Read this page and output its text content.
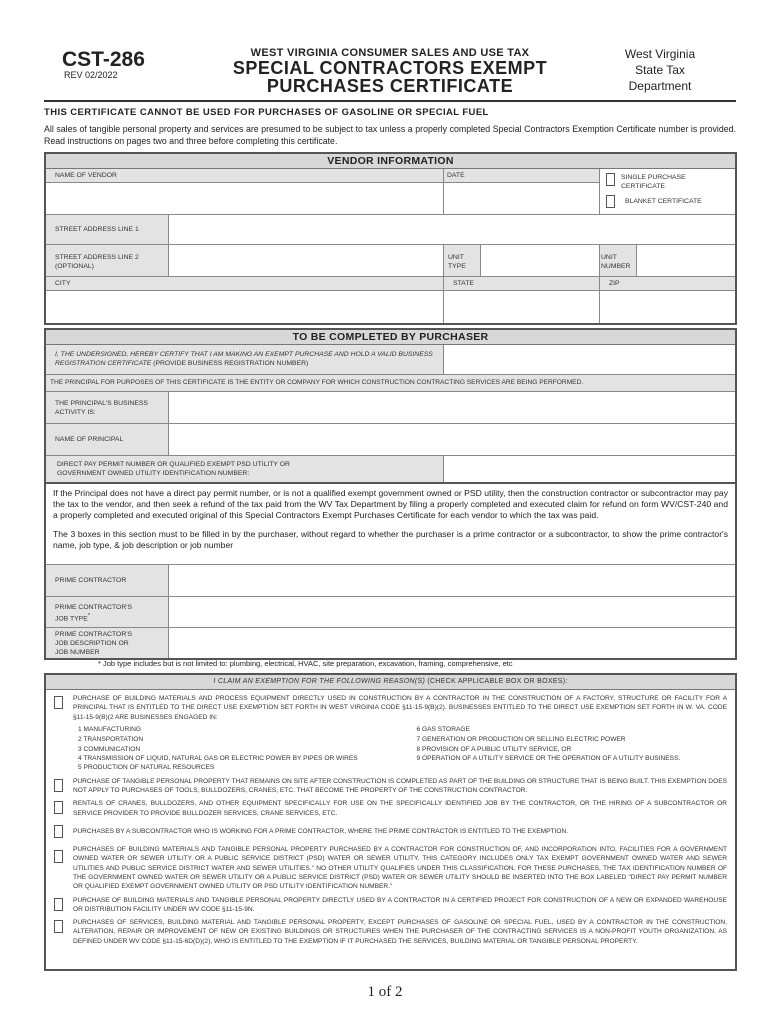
CST-286
REV 02/2022
WEST VIRGINIA CONSUMER SALES AND USE TAX
SPECIAL CONTRACTORS EXEMPT
PURCHASES CERTIFICATE
West Virginia
State Tax
Department
THIS CERTIFICATE CANNOT BE USED FOR PURCHASES OF GASOLINE OR SPECIAL FUEL
All sales of tangible personal property and services are presumed to be subject to tax unless a properly completed Special Contractors Exemption Certificate number is provided. Read instructions on pages two and three before completing this certificate.
VENDOR INFORMATION
NAME OF VENDOR	DATE	SINGLE PURCHASE CERTIFICATE
BLANKET CERTIFICATE
STREET ADDRESS LINE 1
STREET ADDRESS LINE 2 (OPTIONAL)
UNIT TYPE
UNIT NUMBER
CITY	STATE	ZIP
TO BE COMPLETED BY PURCHASER
I, THE UNDERSIGNED, HEREBY CERTIFY THAT I AM MAKING AN EXEMPT PURCHASE AND HOLD A VALID BUSINESS REGISTRATION CERTIFICATE (PROVIDE BUSINESS REGISTRATION NUMBER)
THE PRINCIPAL FOR PURPOSES OF THIS CERTIFICATE IS THE ENTITY OR COMPANY FOR WHICH CONSTRUCTION CONTRACTING SERVICES ARE BEING PERFORMED.
THE PRINCIPAL'S BUSINESS ACTIVITY IS:
NAME OF PRINCIPAL
DIRECT PAY PERMIT NUMBER OR QUALIFIED EXEMPT PSD UTILITY OR GOVERNMENT OWNED UTILITY IDENTIFICATION NUMBER:
If the Principal does not have a direct pay permit number, or is not a qualified exempt government owned or PSD utility, then the construction contractor or subcontractor may pay the tax to the vendor, and then seek a refund of the tax paid from the WV Tax Department by filing a properly completed and executed claim for refund on form WV/CST-240 and a properly completed and executed original of this Special Contractors Exempt Purchases Certificate for each vendor to which the tax was paid.
The 3 boxes in this section must to be filled in by the purchaser, without regard to whether the purchaser is a prime contractor or a subcontractor, to show the prime contractor's name, job type, & job description or job number
PRIME CONTRACTOR
PRIME CONTRACTOR'S JOB TYPE*
PRIME CONTRACTOR'S JOB DESCRIPTION OR JOB NUMBER
* Job type includes but is not limited to: plumbing, electrical, HVAC, site preparation, excavation, framing, comprehensive, etc
I CLAIM AN EXEMPTION FOR THE FOLLOWING REASON(S) (CHECK APPLICABLE BOX OR BOXES):
PURCHASE OF BUILDING MATERIALS AND PROCESS EQUIPMENT DIRECTLY USED IN CONSTRUCTION BY A CONTRACTOR IN THE CONSTRUCTION OF A FACTORY, STRUCTURE OR FACILITY FOR A PRINCIPAL THAT IS ENTITLED TO THE DIRECT USE EXEMPTION SET FORTH IN WEST VIRGINIA CODE §11-15-9(B)(2). BUSINESSES ENTITLED TO THE DIRECT USE EXEMPTION SET FORTH IN W. VA. CODE §11-15-9(B)(2 ARE BUSINESSES ENGAGED IN:
1 MANUFACTURING	6 GAS STORAGE
2 TRANSPORTATION	7 GENERATION OR PRODUCTION OR SELLING ELECTRIC POWER
3 COMMUNICATION	8 PROVISION OF A PUBLIC UTILITY SERVICE, OR
4 TRANSMISSION OF LIQUID, NATURAL GAS OR ELECTRIC POWER BY PIPES OR WIRES	9 OPERATION OF A UTILITY SERVICE OR THE OPERATION OF A UTILITY BUSINESS.
5 PRODUCTION OF NATURAL RESOURCES
PURCHASE OF TANGIBLE PERSONAL PROPERTY THAT REMAINS ON SITE AFTER CONSTRUCTION IS COMPLETED AS PART OF THE BUILDING OR STRUCTURE THAT IS BEING BUILT. THIS EXEMPTION DOES NOT APPLY TO PURCHASES OF TOOLS, BULLDOZERS, CRANES, ETC. THAT BECOME THE PROPERTY OF THE CONSTRUCTION CONTRACTOR.
RENTALS OF CRANES, BULLDOZERS, AND OTHER EQUIPMENT SPECIFICALLY FOR USE ON THE SPECIFICALLY IDENTIFIED JOB BY THE CONTRACTOR, OR THE HIRING OF A SUBCONTRACTOR OR SERVICE PROVIDER TO PROVIDE BULLDOZER SERVICES, CRANE SERVICES, ETC.
PURCHASES BY A SUBCONTRACTOR WHO IS WORKING FOR A PRIME CONTRACTOR, WHERE THE PRIME CONTRACTOR IS ENTITLED TO THE EXEMPTION.
PURCHASES OF BUILDING MATERIALS AND TANGIBLE PERSONAL PROPERTY PURCHASED BY A CONTRACTOR FOR CONSTRUCTION OF, AND INCORPORATION INTO, FACILITIES FOR A GOVERNMENT OWNED WATER OR SEWER UTILITY OR A PUBLIC SERVICE DISTRICT (PSD) WATER OR SEWER UTILITY. THIS CATEGORY INCLUDES ONLY TAX EXEMPT GOVERNMENT OWNED WATER AND SEWER UTILITIES AND PUBLIC SERVICE DISTRICT WATER AND SEWER UTILITIES." NO OTHER UTILITY QUALIFIES UNDER THIS CLASSIFICATION. FOR THESE PURCHASES, THE TAX IDENTIFICATION NUMBER OF THE GOVERNMENT OWNED WATER OR SEWER UTILITY OR A PUBLIC SERVICE DISTRICT (PSD) WATER OR SEWER UTILITY SHOULD BE INSERTED INTO THE BOX LABELED "DIRECT PAY PERMIT NUMBER OR QUALIFIED EXEMPT GOVERNMENT OWNED UTILITY OR PSD UTILITY IDENTIFICATION NUMBER."
PURCHASE OF BUILDING MATERIALS AND TANGIBLE PERSONAL PROPERTY DIRECTLY USED BY A CONTRACTOR IN A CERTIFIED PROJECT FOR CONSTRUCTION OF A NEW OR EXPANDED WAREHOUSE OR DISTRIBUTION FACILITY UNDER WV CODE §11-15-9N.
PURCHASES OF SERVICES, BUILDING MATERIAL AND TANGIBLE PERSONAL PROPERTY, EXCEPT PURCHASES OF GASOLINE OR SPECIAL FUEL, USED BY A CONTRACTOR IN THE CONSTRUCTION, ALTERATION, REPAIR OR IMPROVEMENT OF NEW OR EXISTING BUILDINGS OR STRUCTURES WHEN THE PURCHASER OF THE CONTRACTING SERVICES IS A NON-PROFIT YOUTH ORGANIZATION, AS DEFINED UNDER WV CODE §11-15-6D(D)(2), WHO IS ENTITLED TO THE EXEMPTION IF IT PURCHASED THE SERVICES, BUILDING MATERIAL OR TANGIBLE PERSONAL PROPERTY.
1 of 2
